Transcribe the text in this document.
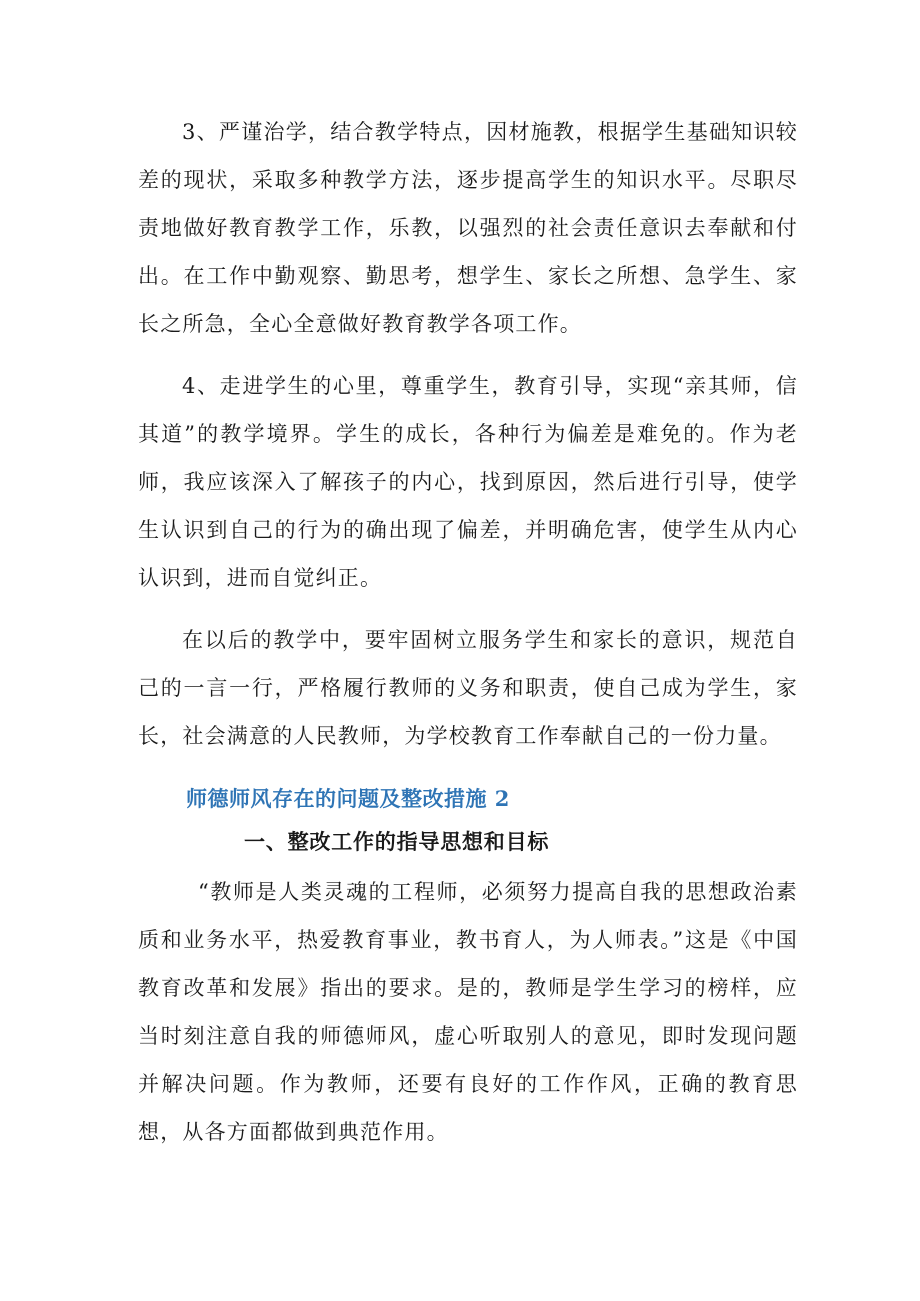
3、严谨治学，结合教学特点，因材施教，根据学生基础知识较差的现状，采取多种教学方法，逐步提高学生的知识水平。尽职尽责地做好教育教学工作，乐教，以强烈的社会责任意识去奉献和付出。在工作中勤观察、勤思考，想学生、家长之所想、急学生、家长之所急，全心全意做好教育教学各项工作。

4、走进学生的心里，尊重学生，教育引导，实现“亲其师，信其道”的教学境界。学生的成长，各种行为偏差是难免的。作为老师，我应该深入了解孩子的内心，找到原因，然后进行引导，使学生认识到自己的行为的确出现了偏差，并明确危害，使学生从内心认识到，进而自觉纠正。

在以后的教学中，要牢固树立服务学生和家长的意识，规范自己的一言一行，严格履行教师的义务和职责，使自己成为学生，家长，社会满意的人民教师，为学校教育工作奉献自己的一份力量。

师德师风存在的问题及整改措施 2
一、整改工作的指导思想和目标

“教师是人类灵魂的工程师，必须努力提高自我的思想政治素质和业务水平，热爱教育事业，教书育人，为人师表。”这是《中国教育改革和发展》指出的要求。是的，教师是学生学习的榜样，应当时刻注意自我的师德师风，虚心听取别人的意见，即时发现问题并解决问题。作为教师，还要有良好的工作作风，正确的教育思想，从各方面都做到典范作用。
